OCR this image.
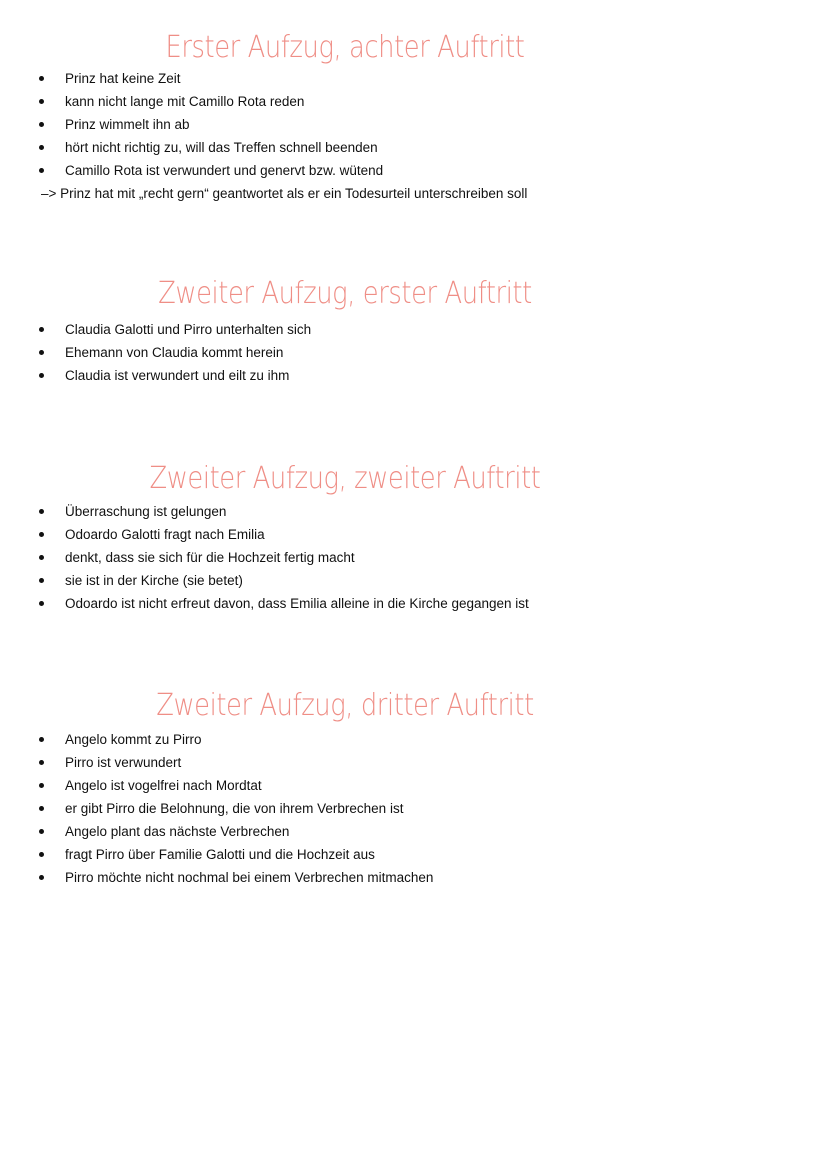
Erster Aufzug, achter Auftritt
Prinz hat keine Zeit
kann nicht lange mit Camillo Rota reden
Prinz wimmelt ihn ab
hört nicht richtig zu, will das Treffen schnell beenden
Camillo Rota ist verwundert und genervt bzw. wütend
–> Prinz hat mit „recht gern“ geantwortet als er ein Todesurteil unterschreiben soll
Zweiter Aufzug, erster Auftritt
Claudia Galotti und Pirro unterhalten sich
Ehemann von Claudia kommt herein
Claudia ist verwundert und eilt zu ihm
Zweiter Aufzug, zweiter Auftritt
Überraschung ist gelungen
Odoardo Galotti fragt nach Emilia
denkt, dass sie sich für die Hochzeit fertig macht
sie ist in der Kirche (sie betet)
Odoardo ist nicht erfreut davon, dass Emilia alleine in die Kirche gegangen ist
Zweiter Aufzug, dritter Auftritt
Angelo kommt zu Pirro
Pirro ist verwundert
Angelo ist vogelfrei nach Mordtat
er gibt Pirro die Belohnung, die von ihrem Verbrechen ist
Angelo plant das nächste Verbrechen
fragt Pirro über Familie Galotti und die Hochzeit aus
Pirro möchte nicht nochmal bei einem Verbrechen mitmachen
